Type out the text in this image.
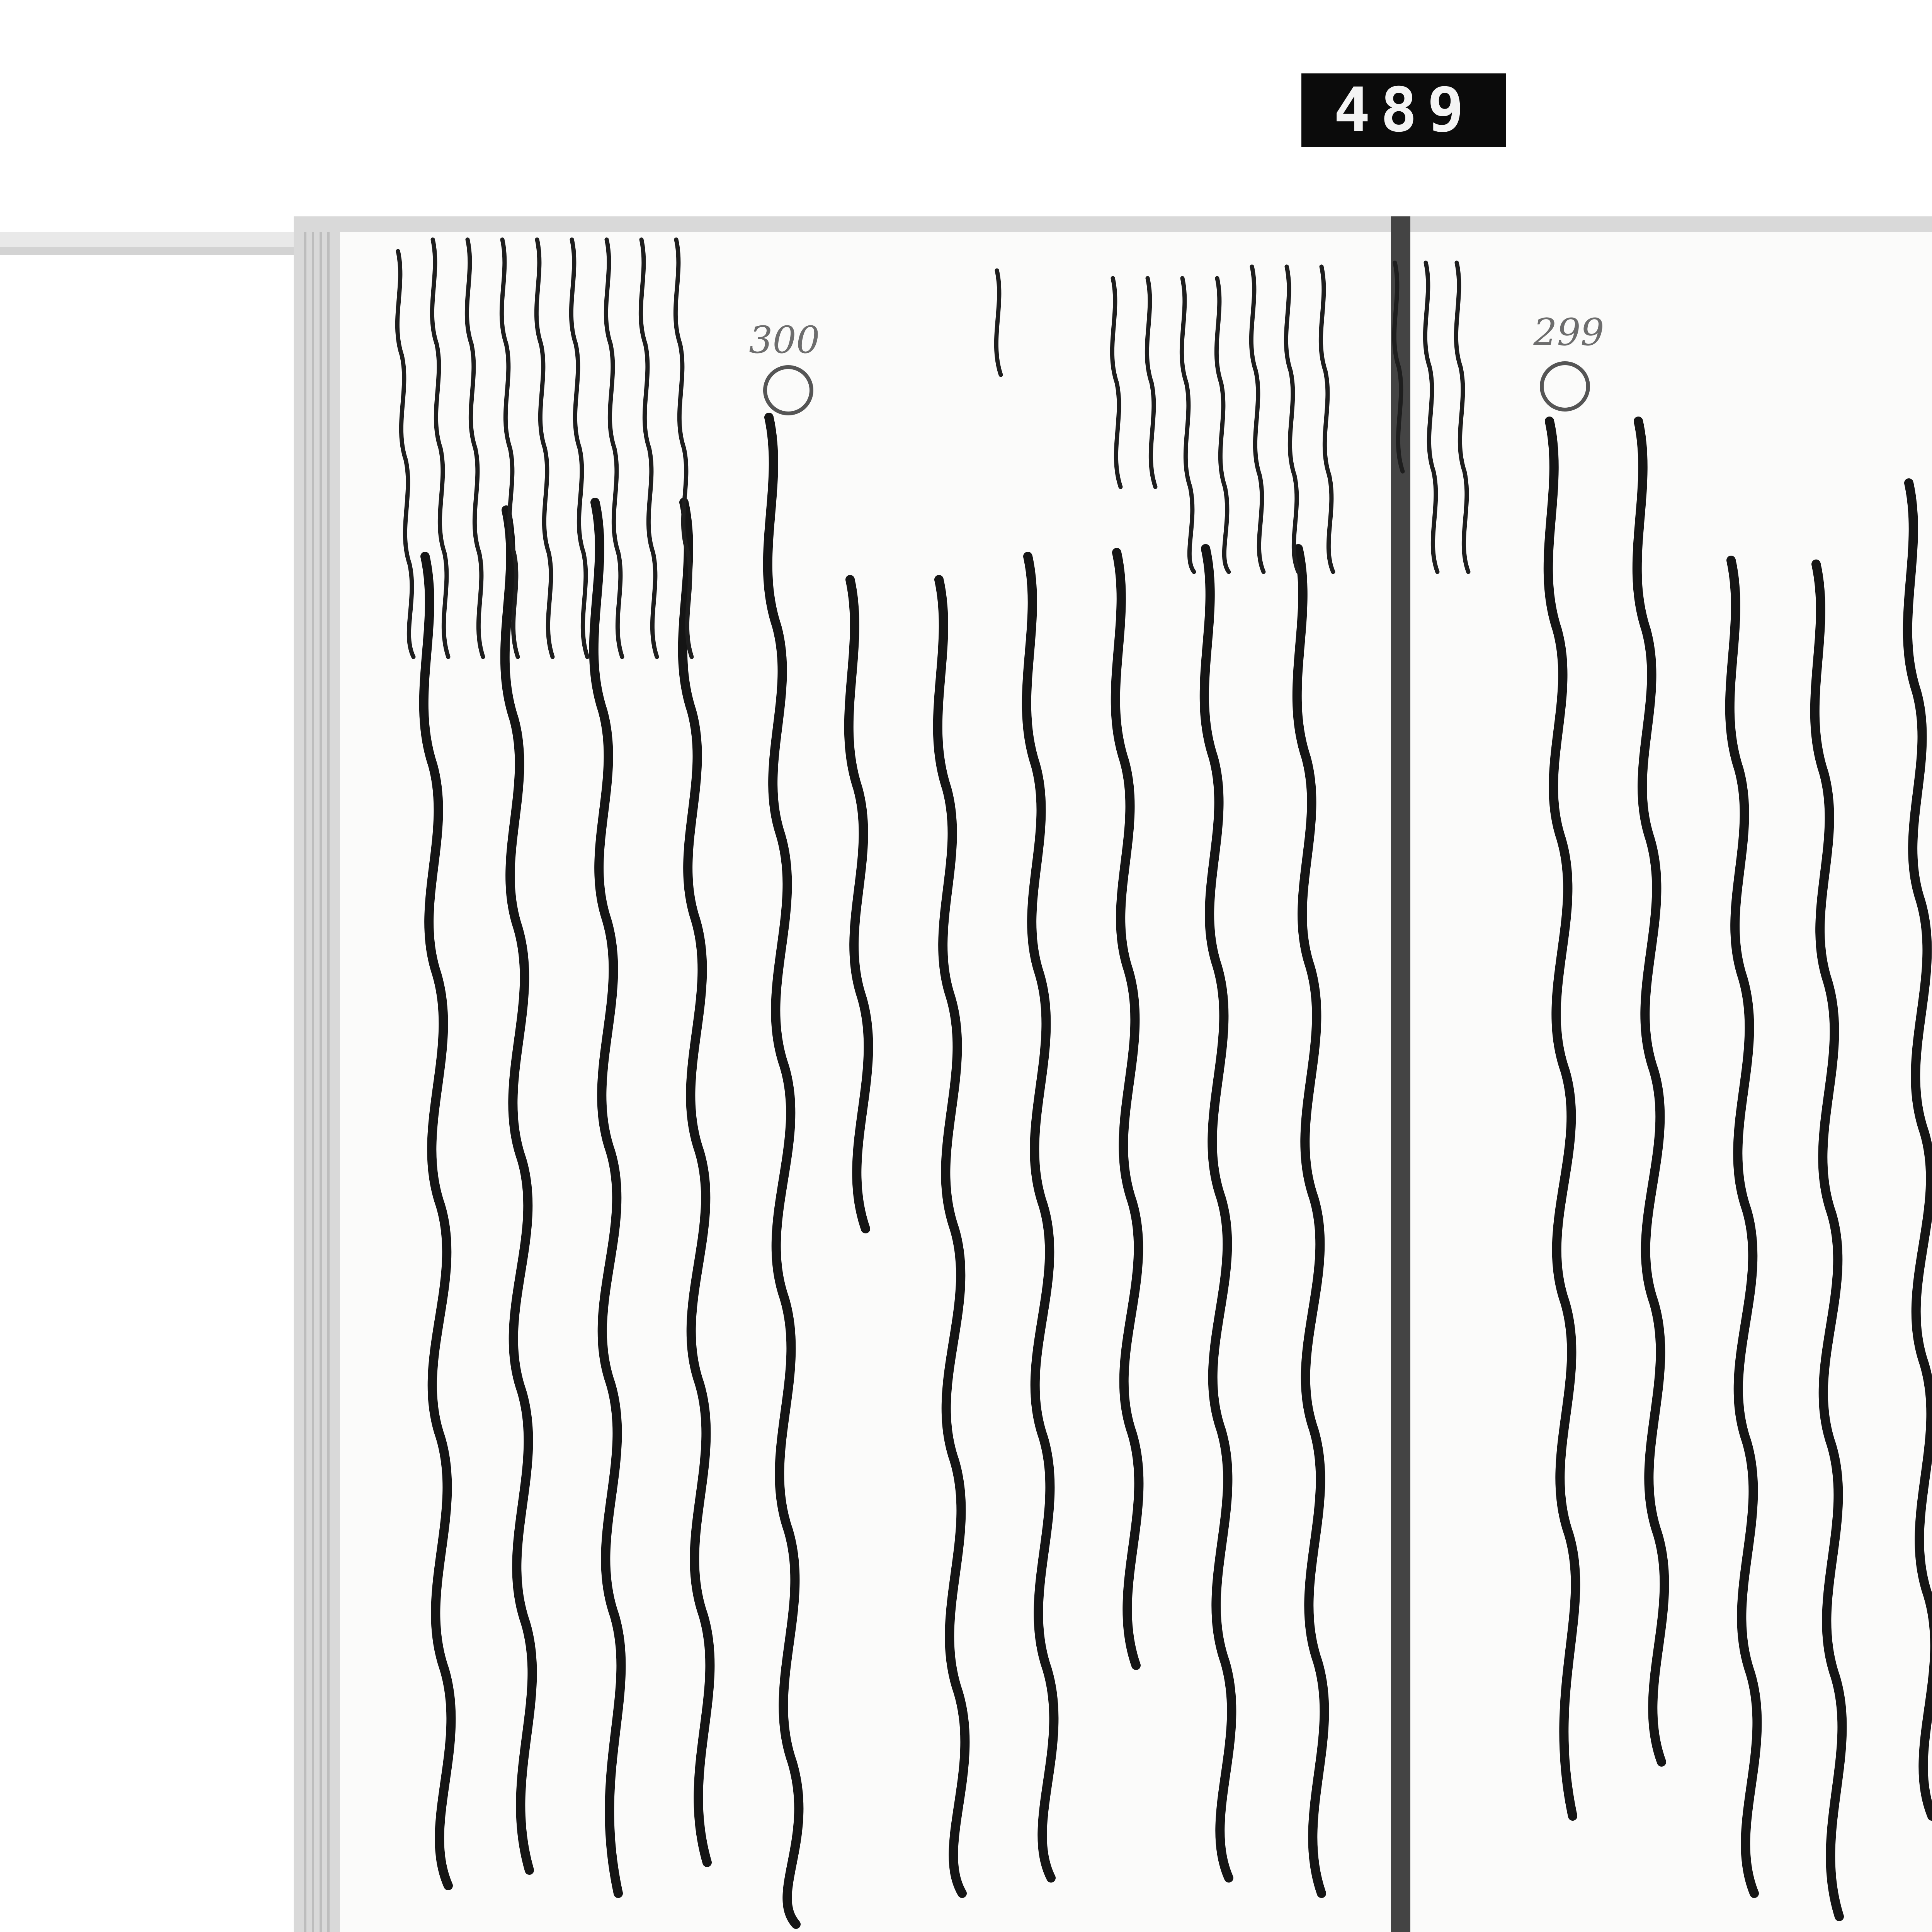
489
300	299
